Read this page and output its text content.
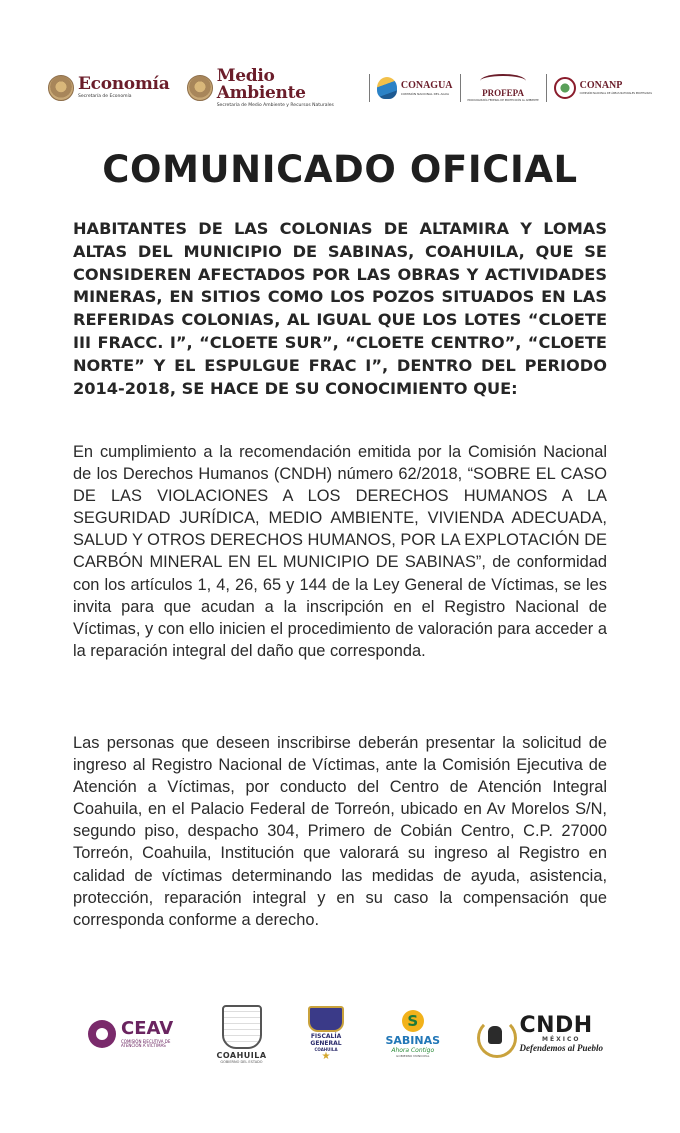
Economía
Secretaría de Economía
Medio Ambiente
Secretaría de Medio Ambiente y Recursos Naturales
CONAGUA
COMISIÓN NACIONAL DEL AGUA	PROFEPA
PROCURADURÍA FEDERAL DE PROTECCIÓN AL AMBIENTE
CONANP
COMISIÓN NACIONAL DE ÁREAS NATURALES PROTEGIDAS
COMUNICADO OFICIAL
HABITANTES DE LAS COLONIAS DE ALTAMIRA Y LOMAS ALTAS DEL MUNICIPIO DE SABINAS, COAHUILA, QUE SE CONSIDEREN AFECTADOS POR LAS OBRAS Y ACTIVIDADES MINERAS, EN SITIOS COMO LOS POZOS SITUADOS EN LAS REFERIDAS COLONIAS, AL IGUAL QUE LOS LOTES “CLOETE III FRACC. I”, “CLOETE SUR”, “CLOETE CENTRO”, “CLOETE NORTE” Y EL ESPULGUE FRAC I”, DENTRO DEL PERIODO 2014-2018, SE HACE DE SU CONOCIMIENTO QUE:
En cumplimiento a la recomendación emitida por la Comisión Nacional de los Derechos Humanos (CNDH) número 62/2018, “SOBRE EL CASO DE LAS VIOLACIONES A LOS DERECHOS HUMANOS A LA SEGURIDAD JURÍDICA, MEDIO AMBIENTE, VIVIENDA ADECUADA, SALUD Y OTROS DERECHOS HUMANOS, POR LA EXPLOTACIÓN DE CARBÓN MINERAL EN EL MUNICIPIO DE SABINAS”, de conformidad con los artículos 1, 4, 26, 65 y 144 de la Ley General de Víctimas, se les invita para que acudan a la inscripción en el Registro Nacional de Víctimas, y con ello inicien el procedimiento de valoración para acceder a la reparación integral del daño que corresponda.
Las personas que deseen inscribirse deberán presentar la solicitud de ingreso al Registro Nacional de Víctimas, ante la Comisión Ejecutiva de Atención a Víctimas, por conducto del Centro de Atención Integral Coahuila, en el Palacio Federal de Torreón, ubicado en Av Morelos S/N, segundo piso, despacho 304, Primero de Cobián Centro, C.P. 27000 Torreón, Coahuila, Institución que valorará su ingreso al Registro en calidad de víctimas determinando las medidas de ayuda, asistencia, protección, reparación integral y en su caso la compensación que corresponda conforme a derecho.
CEAV
COMISIÓN EJECUTIVA DE ATENCIÓN A VÍCTIMAS
COAHUILA
GOBIERNO DEL ESTADO
FISCALÍA
GENERAL
COAHUILA
★
S
SABINAS
Ahora Contigo
GOBIERNO MUNICIPAL
CNDH
MÉXICO
Defendemos al Pueblo
